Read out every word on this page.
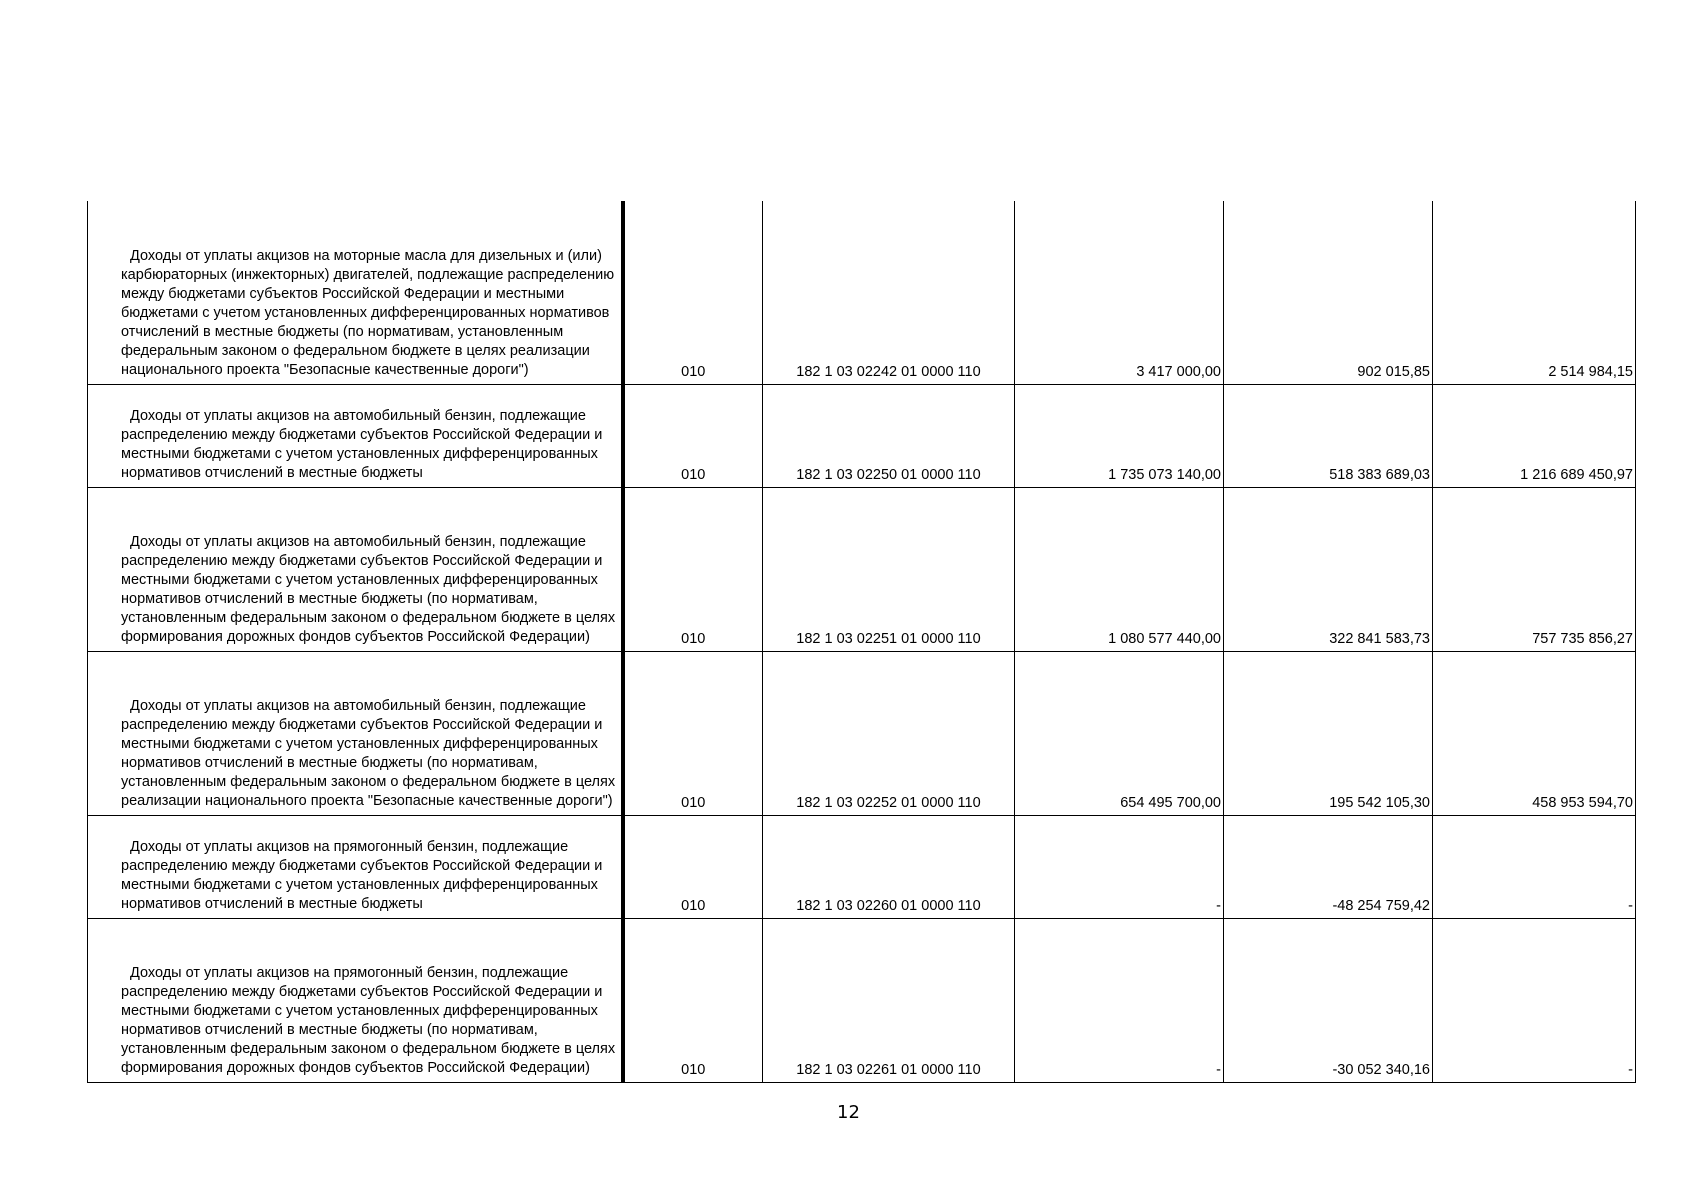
Доходы от уплаты акцизов на моторные масла для дизельных и (или) карбюраторных (инжекторных) двигателей, подлежащие распределению между бюджетами субъектов Российской Федерации и местными бюджетами с учетом установленных дифференцированных нормативов отчислений в местные бюджеты (по нормативам, установленным федеральным законом о федеральном бюджете в целях реализации национального проекта "Безопасные качественные дороги")	010	182 1 03 02242 01 0000 110	3 417 000,00	902 015,85	2 514 984,15
Доходы от уплаты акцизов на автомобильный бензин, подлежащие распределению между бюджетами субъектов Российской Федерации и местными бюджетами с учетом установленных дифференцированных нормативов отчислений в местные бюджеты	010	182 1 03 02250 01 0000 110	1 735 073 140,00	518 383 689,03	1 216 689 450,97
Доходы от уплаты акцизов на автомобильный бензин, подлежащие распределению между бюджетами субъектов Российской Федерации и местными бюджетами с учетом установленных дифференцированных нормативов отчислений в местные бюджеты (по нормативам, установленным федеральным законом о федеральном бюджете в целях формирования дорожных фондов субъектов Российской Федерации)	010	182 1 03 02251 01 0000 110	1 080 577 440,00	322 841 583,73	757 735 856,27
Доходы от уплаты акцизов на автомобильный бензин, подлежащие распределению между бюджетами субъектов Российской Федерации и местными бюджетами с учетом установленных дифференцированных нормативов отчислений в местные бюджеты (по нормативам, установленным федеральным законом о федеральном бюджете в целях реализации национального проекта "Безопасные качественные дороги")	010	182 1 03 02252 01 0000 110	654 495 700,00	195 542 105,30	458 953 594,70
Доходы от уплаты акцизов на прямогонный бензин, подлежащие распределению между бюджетами субъектов Российской Федерации и местными бюджетами с учетом установленных дифференцированных нормативов отчислений в местные бюджеты	010	182 1 03 02260 01 0000 110	-	-48 254 759,42	-
Доходы от уплаты акцизов на прямогонный бензин, подлежащие распределению между бюджетами субъектов Российской Федерации и местными бюджетами с учетом установленных дифференцированных нормативов отчислений в местные бюджеты (по нормативам, установленным федеральным законом о федеральном бюджете в целях формирования дорожных фондов субъектов Российской Федерации)	010	182 1 03 02261 01 0000 110	-	-30 052 340,16	-
12
